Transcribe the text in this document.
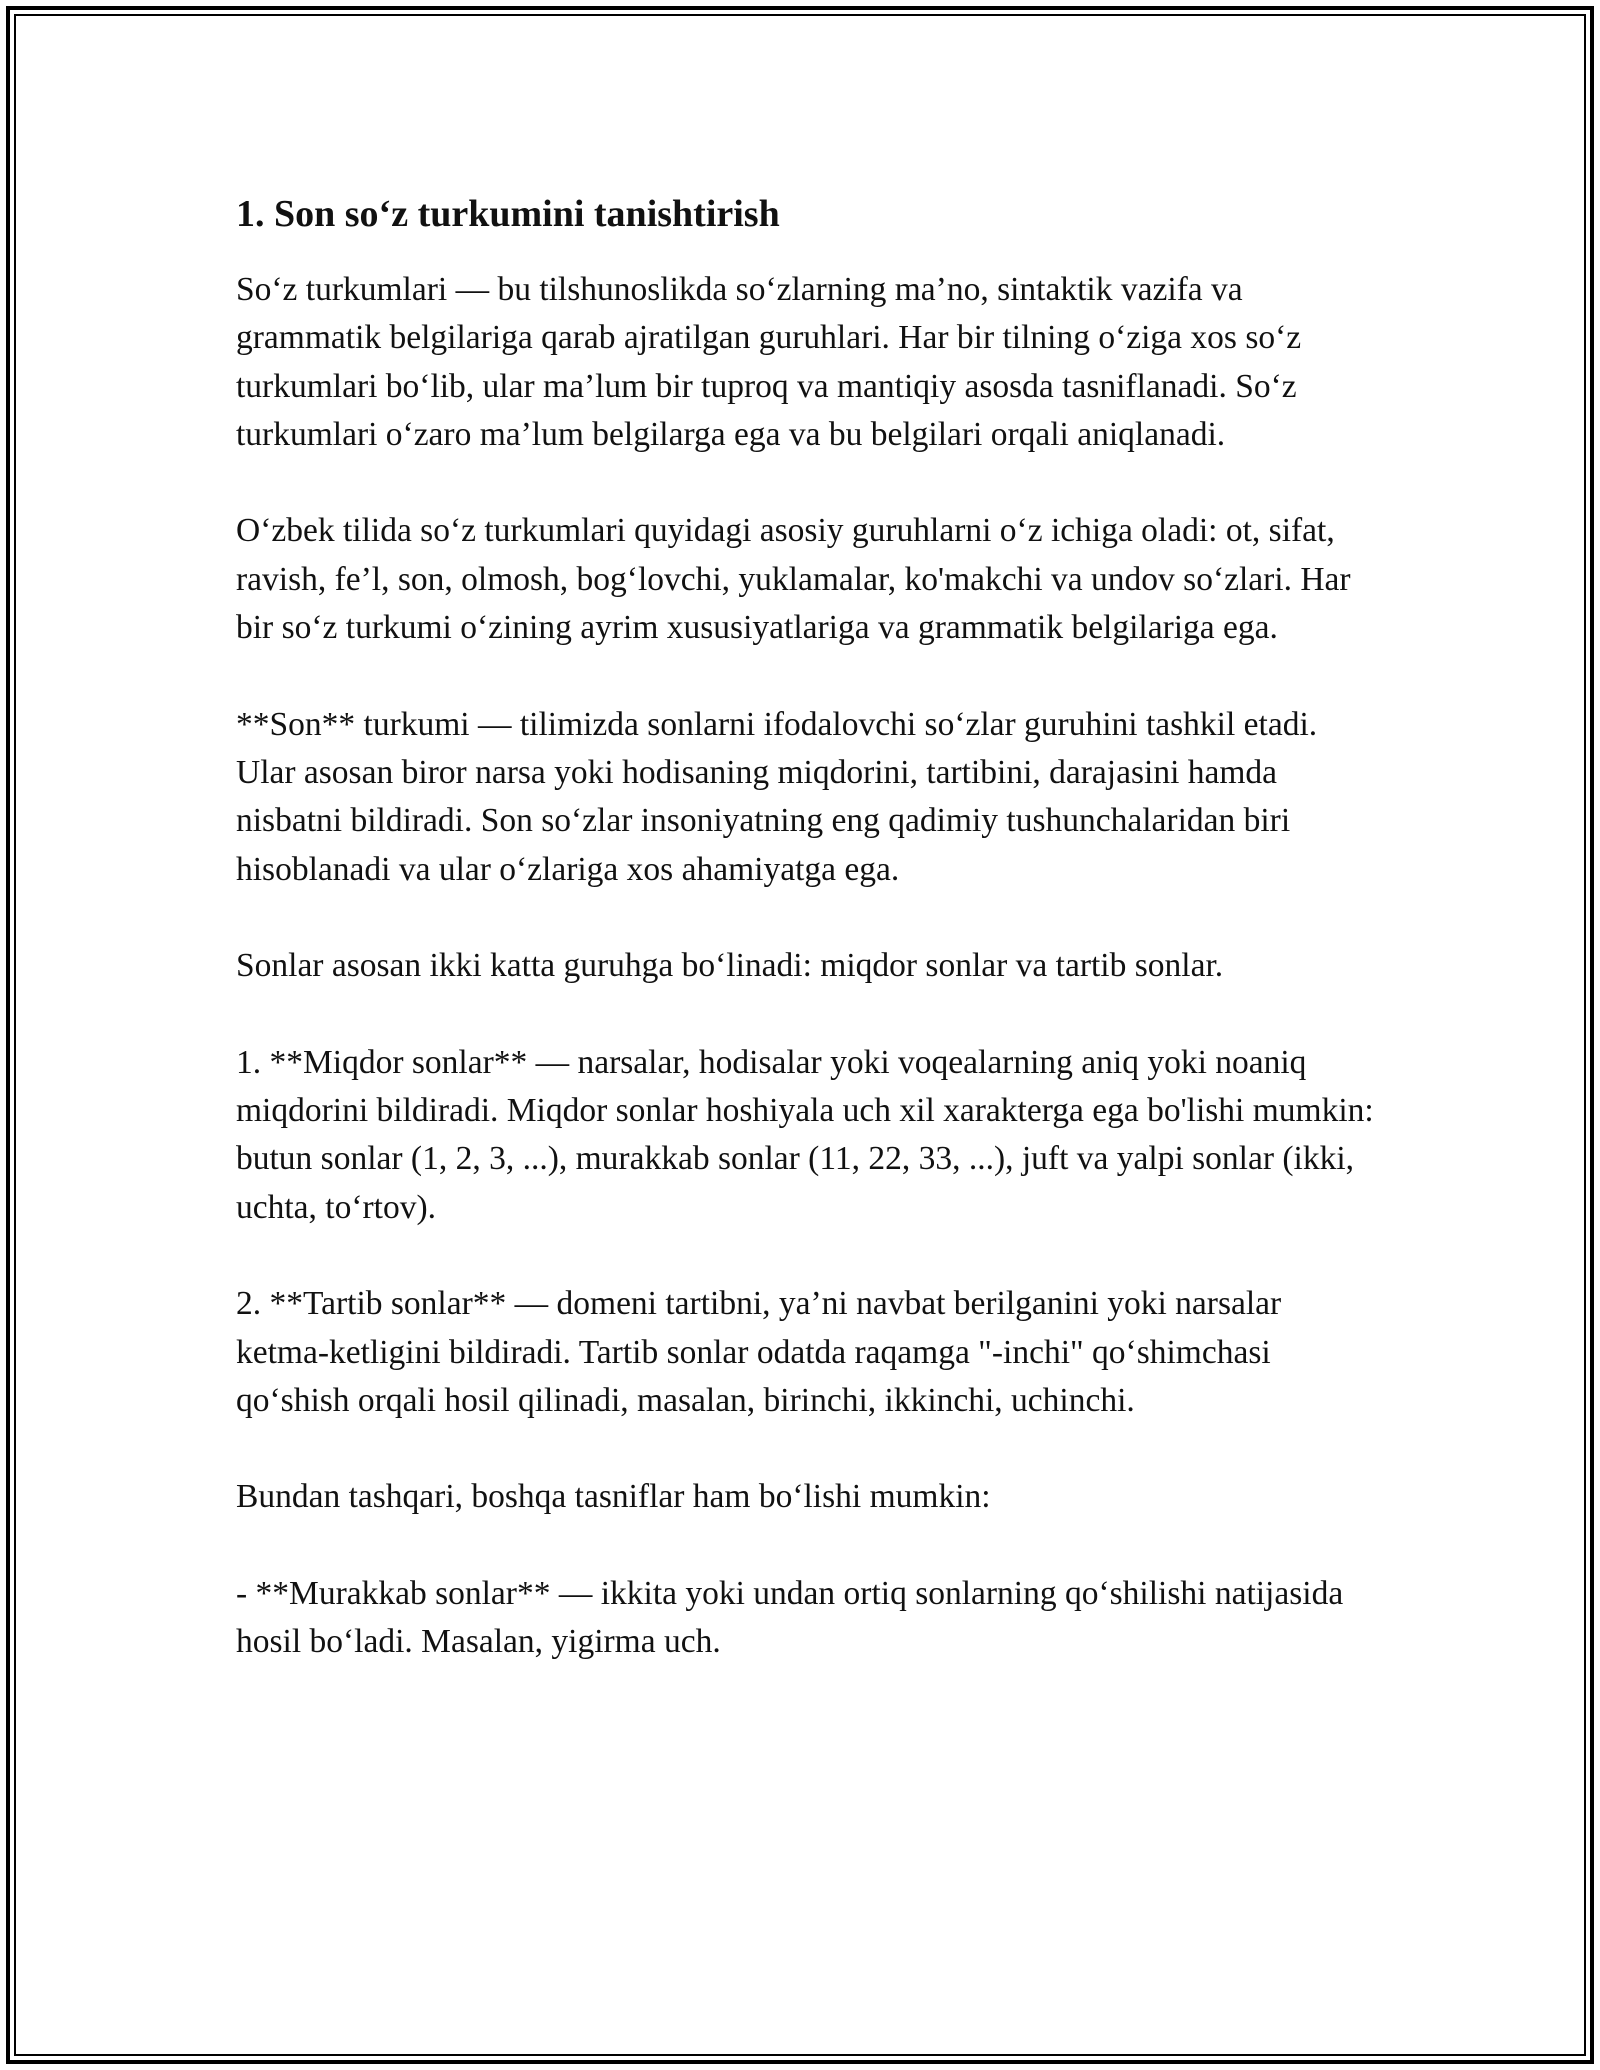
1. Son so‘z turkumini tanishtirish

So‘z turkumlari — bu tilshunoslikda so‘zlarning ma’no, sintaktik vazifa va grammatik belgilariga qarab ajratilgan guruhlari. Har bir tilning o‘ziga xos so‘z turkumlari bo‘lib, ular ma’lum bir tuproq va mantiqiy asosda tasniflanadi. So‘z turkumlari o‘zaro ma’lum belgilarga ega va bu belgilari orqali aniqlanadi.

O‘zbek tilida so‘z turkumlari quyidagi asosiy guruhlarni o‘z ichiga oladi: ot, sifat, ravish, fe’l, son, olmosh, bog‘lovchi, yuklamalar, ko'makchi va undov so‘zlari. Har bir so‘z turkumi o‘zining ayrim xususiyatlariga va grammatik belgilariga ega.

**Son** turkumi — tilimizda sonlarni ifodalovchi so‘zlar guruhini tashkil etadi. Ular asosan biror narsa yoki hodisaning miqdorini, tartibini, darajasini hamda nisbatni bildiradi. Son so‘zlar insoniyatning eng qadimiy tushunchalaridan biri hisoblanadi va ular o‘zlariga xos ahamiyatga ega.

Sonlar asosan ikki katta guruhga bo‘linadi: miqdor sonlar va tartib sonlar.

1. **Miqdor sonlar** — narsalar, hodisalar yoki voqealarning aniq yoki noaniq miqdorini bildiradi. Miqdor sonlar hoshiyala uch xil xarakterga ega bo'lishi mumkin: butun sonlar (1, 2, 3, ...), murakkab sonlar (11, 22, 33, ...), juft va yalpi sonlar (ikki, uchta, to‘rtov).

2. **Tartib sonlar** — domeni tartibni, ya’ni navbat berilganini yoki narsalar ketma-ketligini bildiradi. Tartib sonlar odatda raqamga "-inchi" qo‘shimchasi qo‘shish orqali hosil qilinadi, masalan, birinchi, ikkinchi, uchinchi.

Bundan tashqari, boshqa tasniflar ham bo‘lishi mumkin:

- **Murakkab sonlar** — ikkita yoki undan ortiq sonlarning qo‘shilishi natijasida hosil bo‘ladi. Masalan, yigirma uch.
